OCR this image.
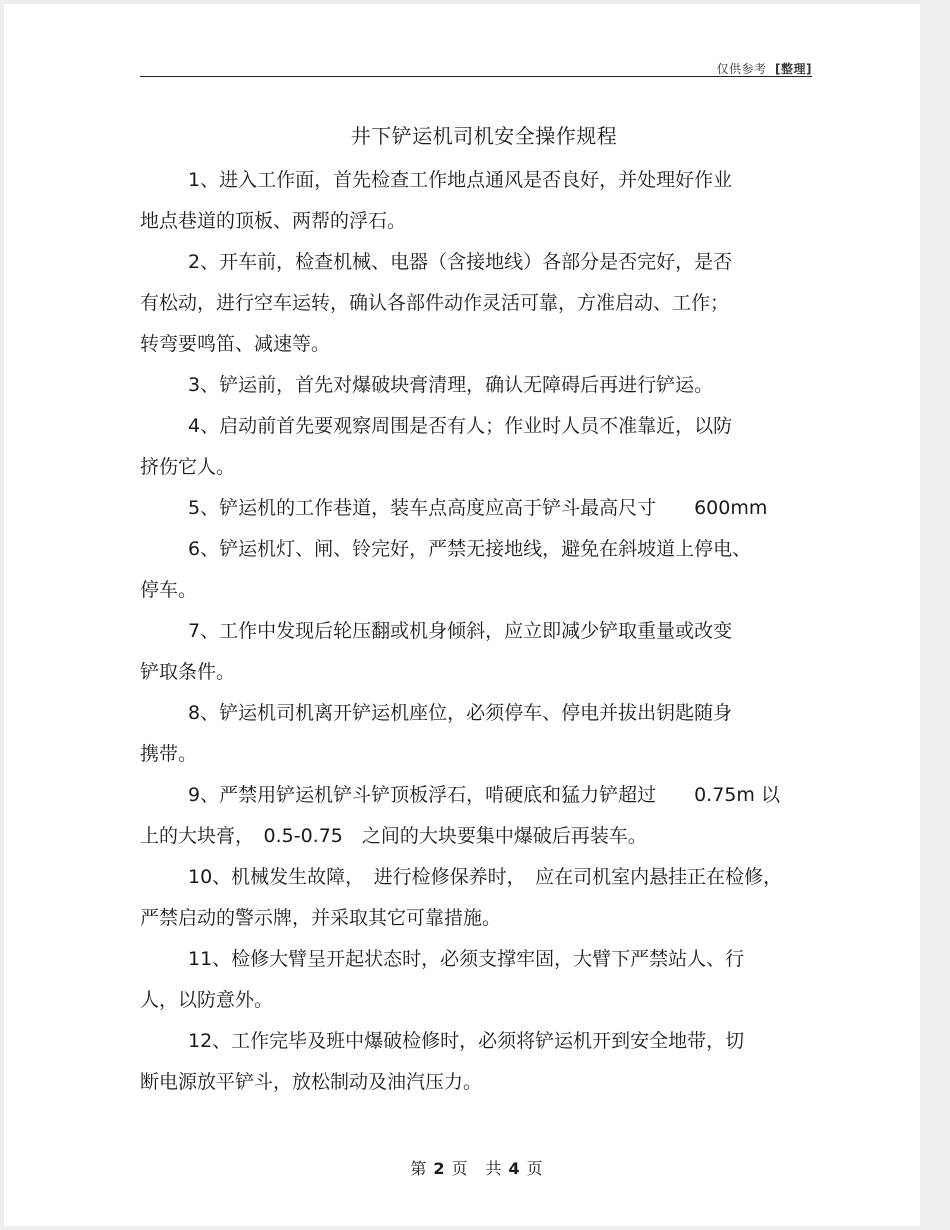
仅供参考 [整理]
井下铲运机司机安全操作规程

1、进入工作面，首先检查工作地点通风是否良好，并处理好作业
地点巷道的顶板、两帮的浮石。

2、开车前，检查机械、电器（含接地线）各部分是否完好，是否
有松动，进行空车运转，确认各部件动作灵活可靠，方准启动、工作；
转弯要鸣笛、减速等。

3、铲运前，首先对爆破块膏清理，确认无障碍后再进行铲运。

4、启动前首先要观察周围是否有人；作业时人员不准靠近，以防
挤伤它人。

5、铲运机的工作巷道，装车点高度应高于铲斗最高尺寸　　600mm

6、铲运机灯、闸、铃完好，严禁无接地线，避免在斜坡道上停电、
停车。

7、工作中发现后轮压翻或机身倾斜，应立即减少铲取重量或改变
铲取条件。

8、铲运机司机离开铲运机座位，必须停车、停电并拔出钥匙随身
携带。

9、严禁用铲运机铲斗铲顶板浮石，啃硬底和猛力铲超过　　0.75m 以
上的大块膏，　0.5-0.75　之间的大块要集中爆破后再装车。

10、机械发生故障，　进行检修保养时，　应在司机室内悬挂正在检修，
严禁启动的警示牌，并采取其它可靠措施。

11、检修大臂呈开起状态时，必须支撑牢固，大臂下严禁站人、行
人，以防意外。

12、工作完毕及班中爆破检修时，必须将铲运机开到安全地带，切
断电源放平铲斗，放松制动及油汽压力。

第 2 页　共 4 页
